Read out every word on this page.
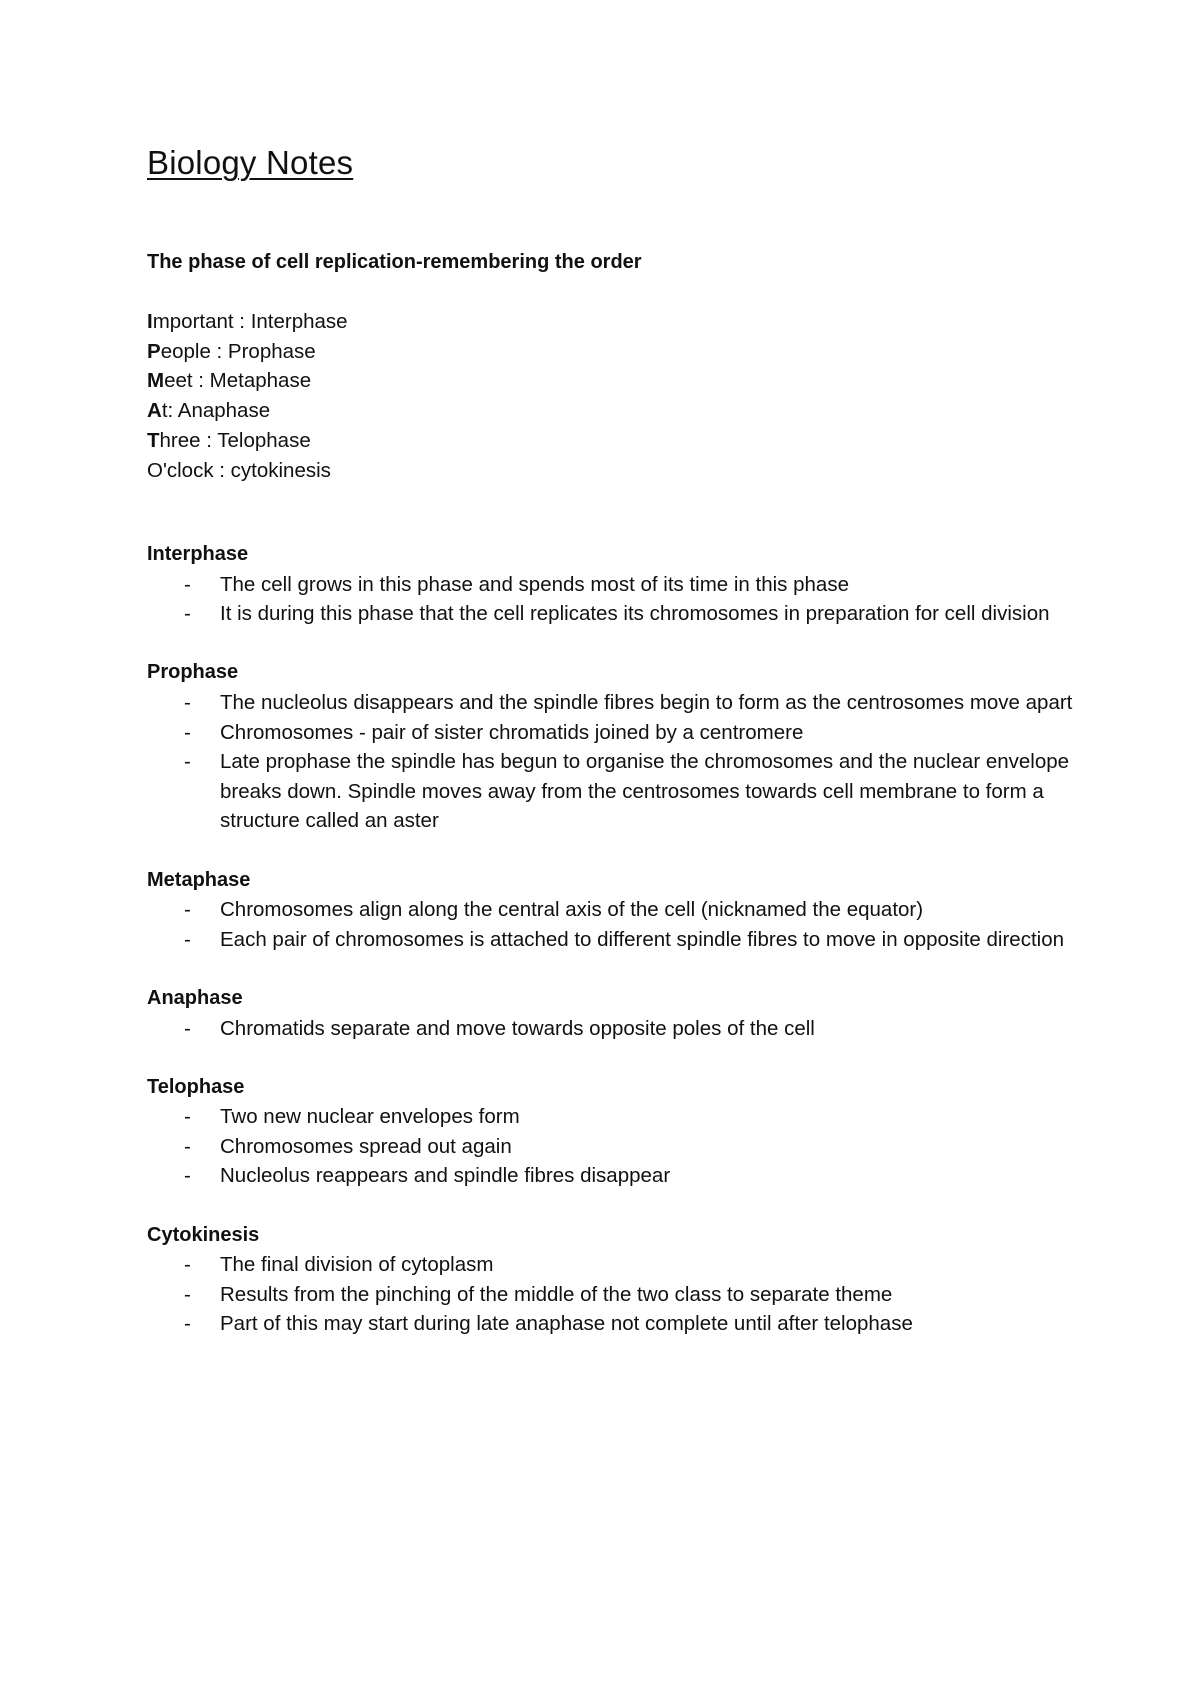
Biology Notes

The phase of cell replication-remembering the order

Important : Interphase
People : Prophase
Meet : Metaphase
At: Anaphase
Three : Telophase
O'clock : cytokinesis
Interphase
- The cell grows in this phase and spends most of its time in this phase
- It is during this phase that the cell replicates its chromosomes in preparation for cell division
Prophase
- The nucleolus disappears and the spindle fibres begin to form as the centrosomes move apart
- Chromosomes - pair of sister chromatids joined by a centromere
- Late prophase the spindle has begun to organise the chromosomes and the nuclear envelope breaks down. Spindle moves away from the centrosomes towards cell membrane to form a structure called an aster
Metaphase
- Chromosomes align along the central axis of the cell (nicknamed the equator)
- Each pair of chromosomes is attached to different spindle fibres to move in opposite direction
Anaphase
- Chromatids separate and move towards opposite poles of the cell
Telophase
- Two new nuclear envelopes form
- Chromosomes spread out again
- Nucleolus reappears and spindle fibres disappear
Cytokinesis
- The final division of cytoplasm
- Results from the pinching of the middle of the two class to separate theme
- Part of this may start during late anaphase not complete until after telophase
